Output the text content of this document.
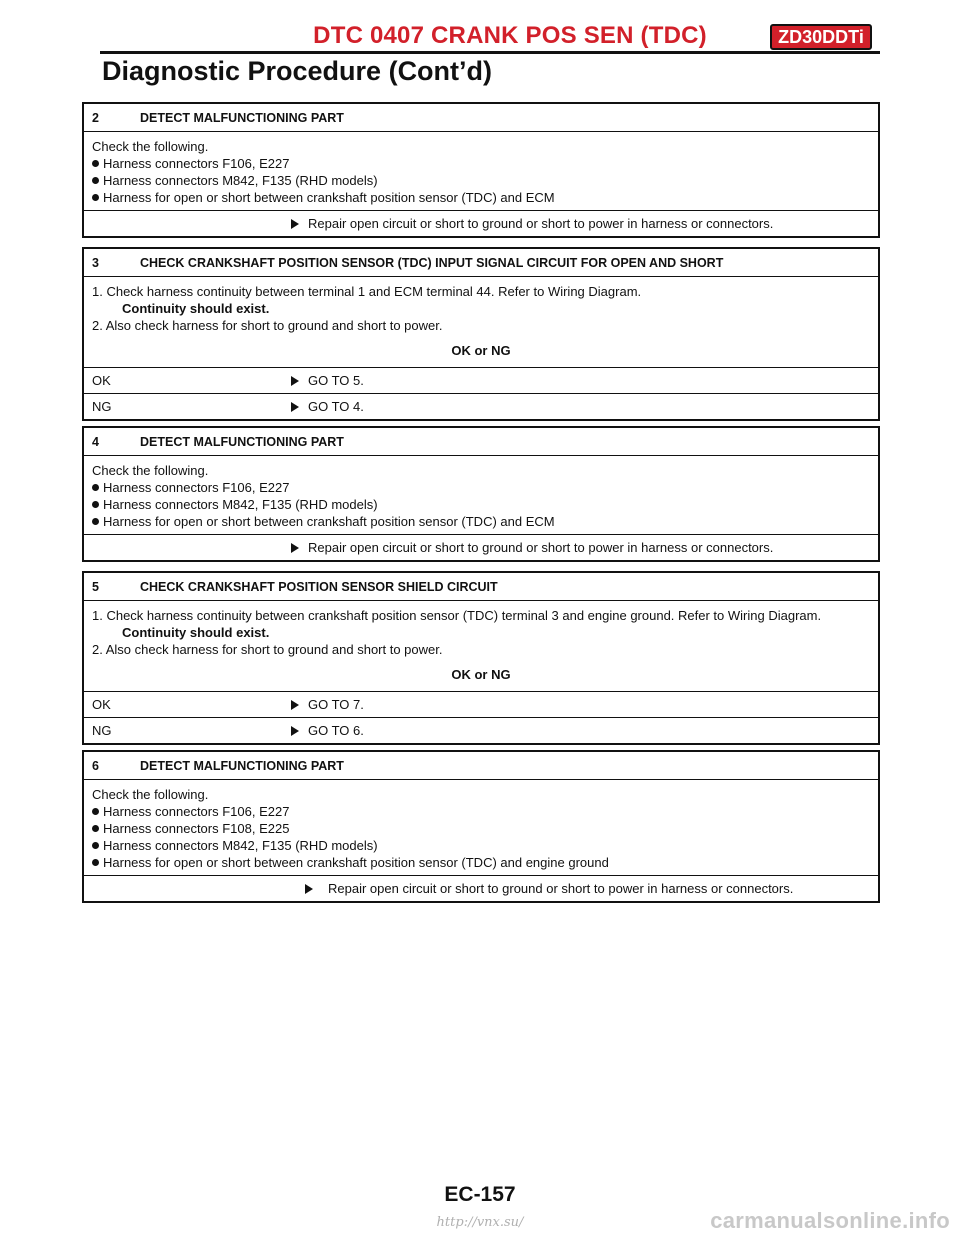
DTC 0407 CRANK POS SEN (TDC)	ZD30DDTi
Diagnostic Procedure (Cont’d)
2	DETECT MALFUNCTIONING PART
Check the following.
Harness connectors F106, E227
Harness connectors M842, F135 (RHD models)
Harness for open or short between crankshaft position sensor (TDC) and ECM
Repair open circuit or short to ground or short to power in harness or connectors.
3	CHECK CRANKSHAFT POSITION SENSOR (TDC) INPUT SIGNAL CIRCUIT FOR OPEN AND SHORT
1. Check harness continuity between terminal 1 and ECM terminal 44. Refer to Wiring Diagram.
Continuity should exist.
2. Also check harness for short to ground and short to power.
OK or NG
OK	GO TO 5.
NG	GO TO 4.
4	DETECT MALFUNCTIONING PART
Check the following.
Harness connectors F106, E227
Harness connectors M842, F135 (RHD models)
Harness for open or short between crankshaft position sensor (TDC) and ECM
Repair open circuit or short to ground or short to power in harness or connectors.
5	CHECK CRANKSHAFT POSITION SENSOR SHIELD CIRCUIT
1. Check harness continuity between crankshaft position sensor (TDC) terminal 3 and engine ground. Refer to Wiring Diagram.
Continuity should exist.
2. Also check harness for short to ground and short to power.
OK or NG
OK	GO TO 7.
NG	GO TO 6.
6	DETECT MALFUNCTIONING PART
Check the following.
Harness connectors F106, E227
Harness connectors F108, E225
Harness connectors M842, F135 (RHD models)
Harness for open or short between crankshaft position sensor (TDC) and engine ground
Repair open circuit or short to ground or short to power in harness or connectors.
EC-157
http://vnx.su/	carmanualsonline.info
